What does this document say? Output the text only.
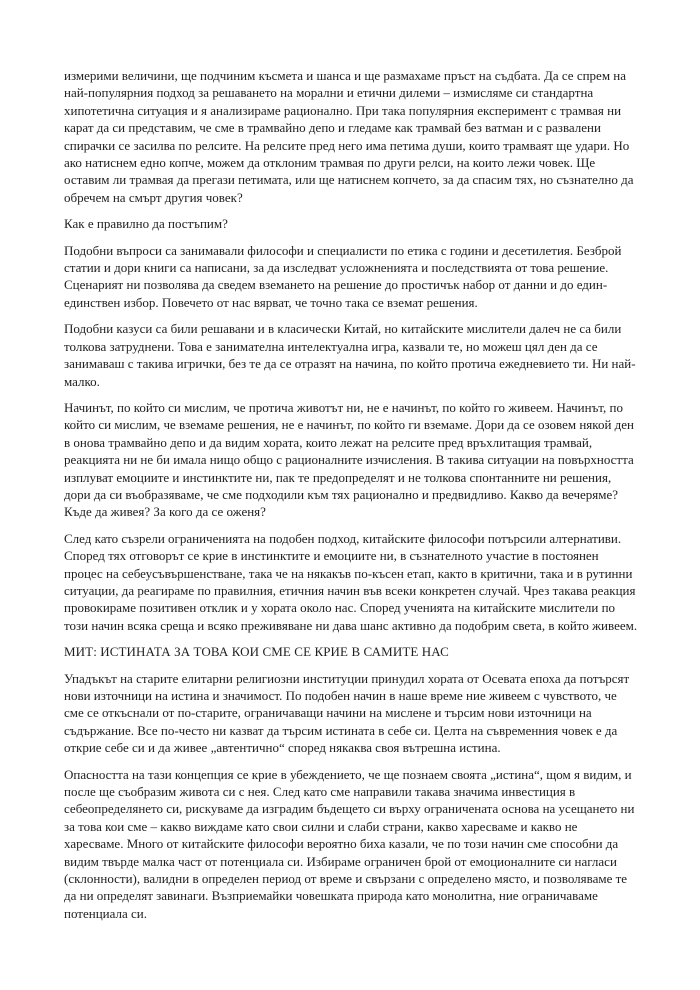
измерими величини, ще подчиним късмета и шанса и ще размахаме пръст на съдбата. Да се спрем на най-популярния подход за решаването на морални и етични дилеми – измисляме си стандартна хипотетична ситуация и я анализираме рационално. При така популярния експеримент с трамвая ни карат да си представим, че сме в трамвайно депо и гледаме как трамвай без ватман и с развалени спирачки се засилва по релсите. На релсите пред него има петима души, които трамваят ще удари. Но ако натиснем едно копче, можем да отклоним трамвая по други релси, на които лежи човек. Ще оставим ли трамвая да прегази петимата, или ще натиснем копчето, за да спасим тях, но съзнателно да обречем на смърт другия човек?

Как е правилно да постъпим?

Подобни въпроси са занимавали философи и специалисти по етика с години и десетилетия. Безброй статии и дори книги са написани, за да изследват усложненията и последствията от това решение. Сценарият ни позволява да сведем вземането на решение до простичък набор от данни и до един-единствен избор. Повечето от нас вярват, че точно така се вземат решения.

Подобни казуси са били решавани и в класически Китай, но китайските мислители далеч не са били толкова затруднени. Това е занимателна интелектуална игра, казвали те, но можеш цял ден да се занимаваш с такива игрички, без те да се отразят на начина, по който протича ежедневието ти. Ни най-малко.

Начинът, по който си мислим, че протича животът ни, не е начинът, по който го живеем. Начинът, по който си мислим, че вземаме решения, не е начинът, по който ги вземаме. Дори да се озовем някой ден в онова трамвайно депо и да видим хората, които лежат на релсите пред връхлитащия трамвай, реакцията ни не би имала нищо общо с рационалните изчисления. В такива ситуации на повърхността изплуват емоциите и инстинктите ни, пак те предопределят и не толкова спонтанните ни решения, дори да си въобразяваме, че сме подходили към тях рационално и предвидливо. Какво да вечеряме? Къде да живея? За кого да се оженя?

След като съзрели ограниченията на подобен подход, китайските философи потърсили алтернативи. Според тях отговорът се крие в инстинктите и емоциите ни, в съзнателното участие в постоянен процес на себеусъвършенстване, така че на някакъв по-късен етап, както в критични, така и в рутинни ситуации, да реагираме по правилния, етичния начин във всеки конкретен случай. Чрез такава реакция провокираме позитивен отклик и у хората около нас. Според ученията на китайските мислители по този начин всяка среща и всяко преживяване ни дава шанс активно да подобрим света, в който живеем.

МИТ: ИСТИНАТА ЗА ТОВА КОИ СМЕ СЕ КРИЕ В САМИТЕ НАС

Упадъкът на старите елитарни религиозни институции принудил хората от Осевата епоха да потърсят нови източници на истина и значимост. По подобен начин в наше време ние живеем с чувството, че сме се откъснали от по-старите, ограничаващи начини на мислене и търсим нови източници на съдържание. Все по-често ни казват да търсим истината в себе си. Целта на съвременния човек е да открие себе си и да живее „автентично“ според някаква своя вътрешна истина.

Опасността на тази концепция се крие в убеждението, че ще познаем своята „истина“, щом я видим, и после ще съобразим живота си с нея. След като сме направили такава значима инвестиция в себеопределянето си, рискуваме да изградим бъдещето си върху ограничената основа на усещането ни за това кои сме – какво виждаме като свои силни и слаби страни, какво харесваме и какво не харесваме. Много от китайските философи вероятно биха казали, че по този начин сме способни да видим твърде малка част от потенциала си. Избираме ограничен брой от емоционалните си нагласи (склонности), валидни в определен период от време и свързани с определено място, и позволяваме те да ни определят завинаги. Възприемайки човешката природа като монолитна, ние ограничаваме потенциала си.
